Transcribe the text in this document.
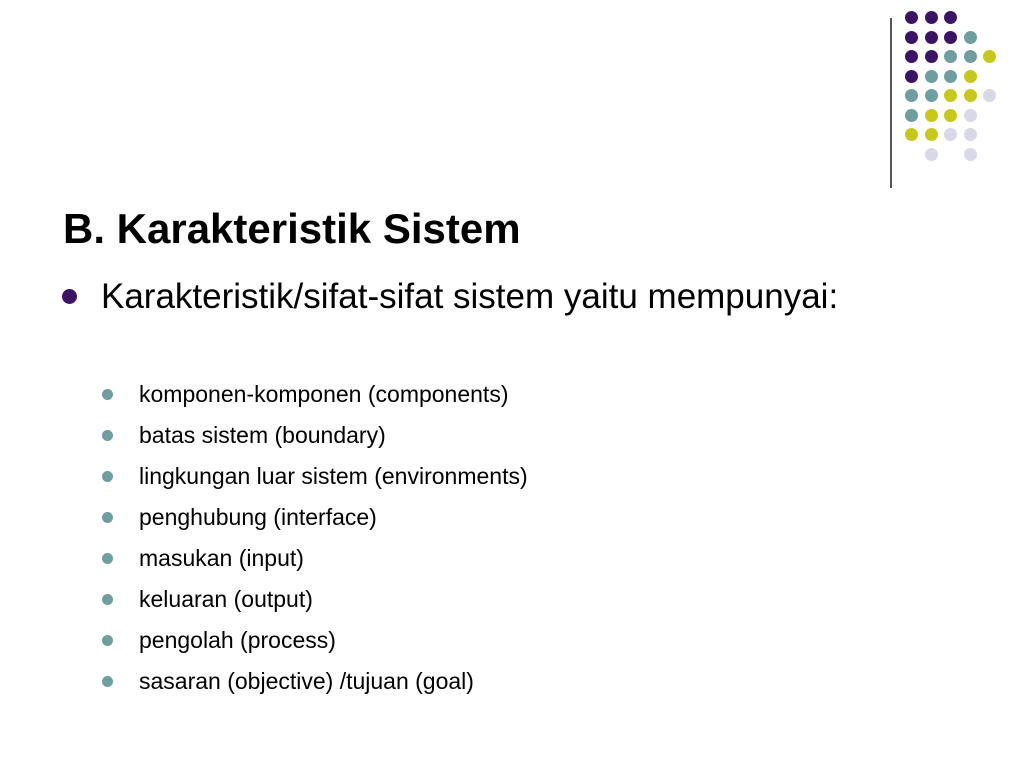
B. Karakteristik Sistem
Karakteristik/sifat-sifat sistem yaitu mempunyai:
komponen-komponen (components)
batas sistem (boundary)
lingkungan luar sistem (environments)
penghubung (interface)
masukan (input)
keluaran (output)
pengolah (process)
sasaran (objective) /tujuan (goal)
